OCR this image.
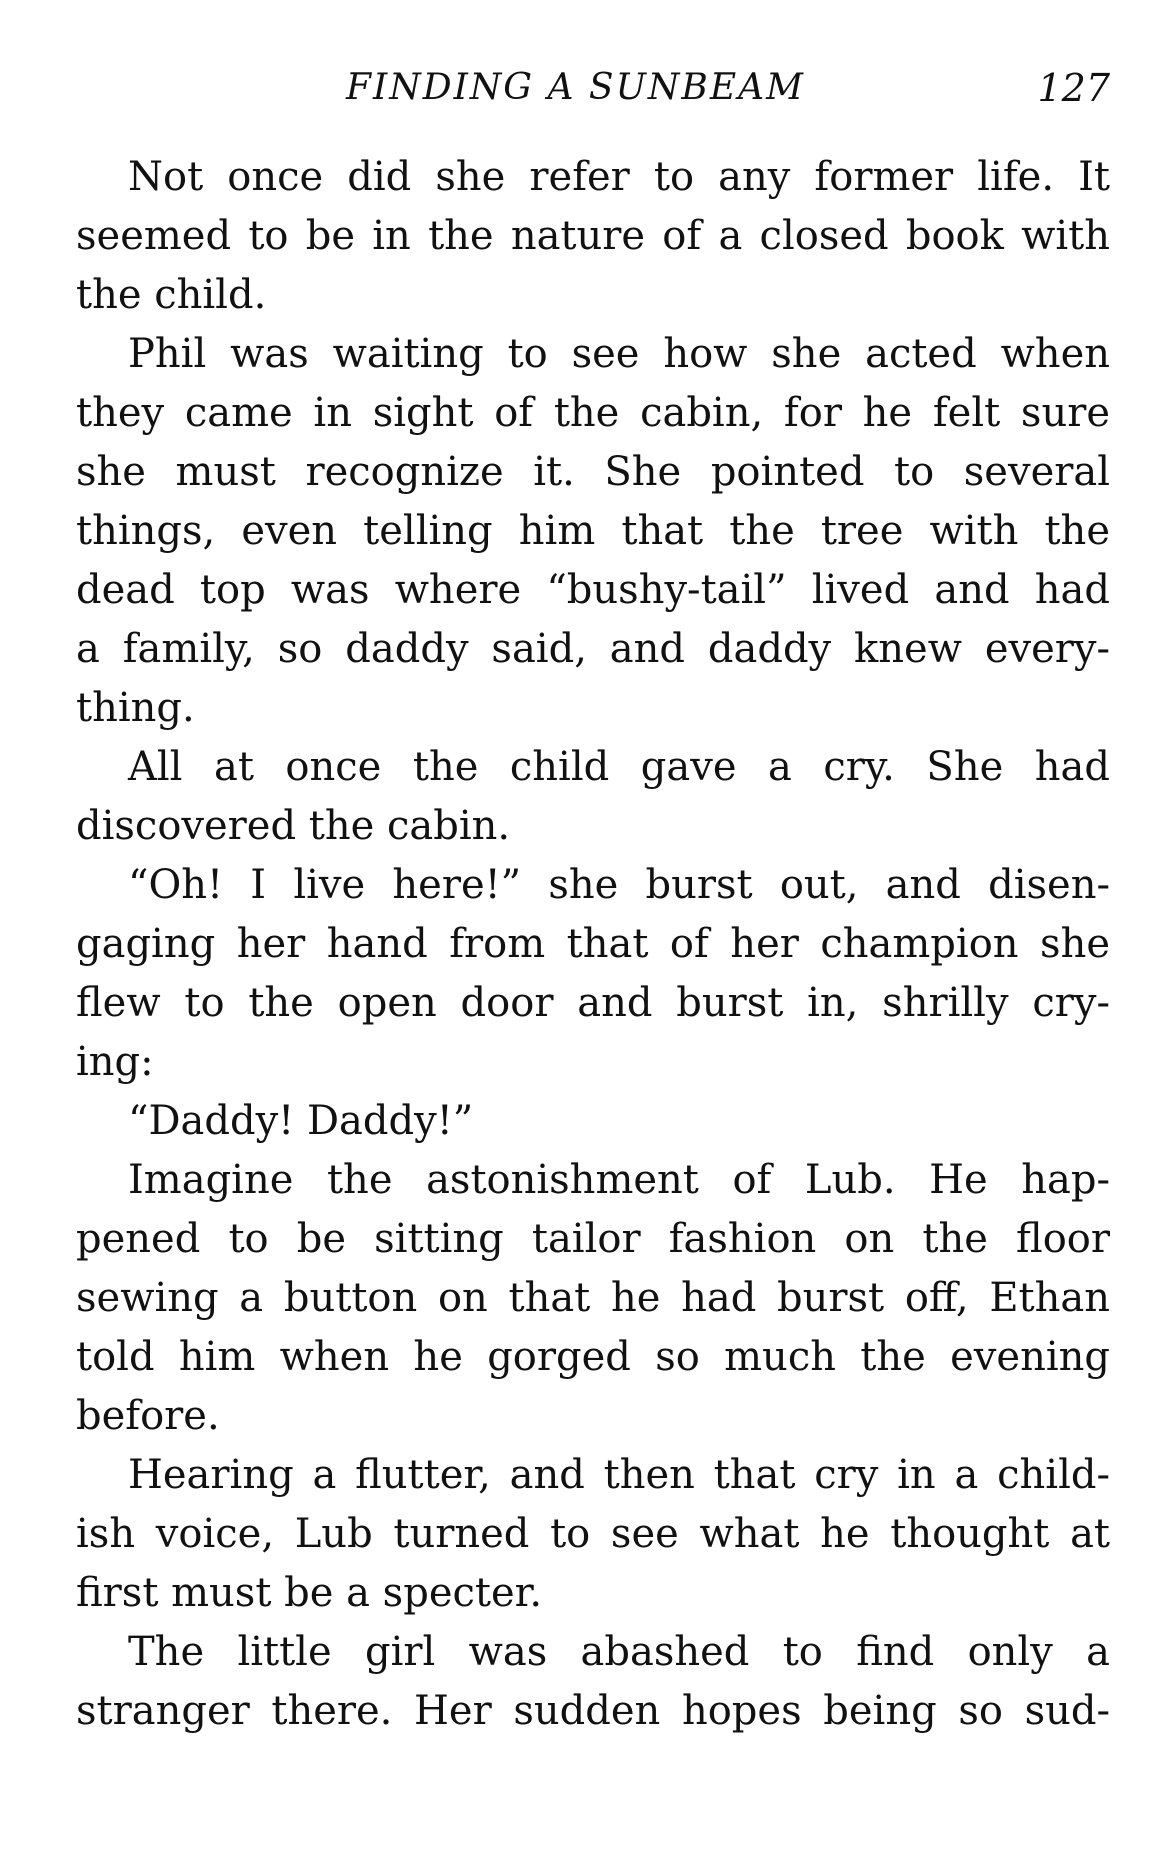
FINDING A SUNBEAM	127
Not once did she refer to any former life. It
seemed to be in the nature of a closed book with
the child.
Phil was waiting to see how she acted when
they came in sight of the cabin, for he felt sure
she must recognize it. She pointed to several
things, even telling him that the tree with the
dead top was where “bushy-tail” lived and had
a family, so daddy said, and daddy knew every-
thing.
All at once the child gave a cry. She had
discovered the cabin.
“Oh! I live here!” she burst out, and disen-
gaging her hand from that of her champion she
flew to the open door and burst in, shrilly cry-
ing:
“Daddy! Daddy!”
Imagine the astonishment of Lub. He hap-
pened to be sitting tailor fashion on the floor
sewing a button on that he had burst off, Ethan
told him when he gorged so much the evening
before.
Hearing a flutter, and then that cry in a child-
ish voice, Lub turned to see what he thought at
first must be a specter.
The little girl was abashed to find only a
stranger there. Her sudden hopes being so sud-
